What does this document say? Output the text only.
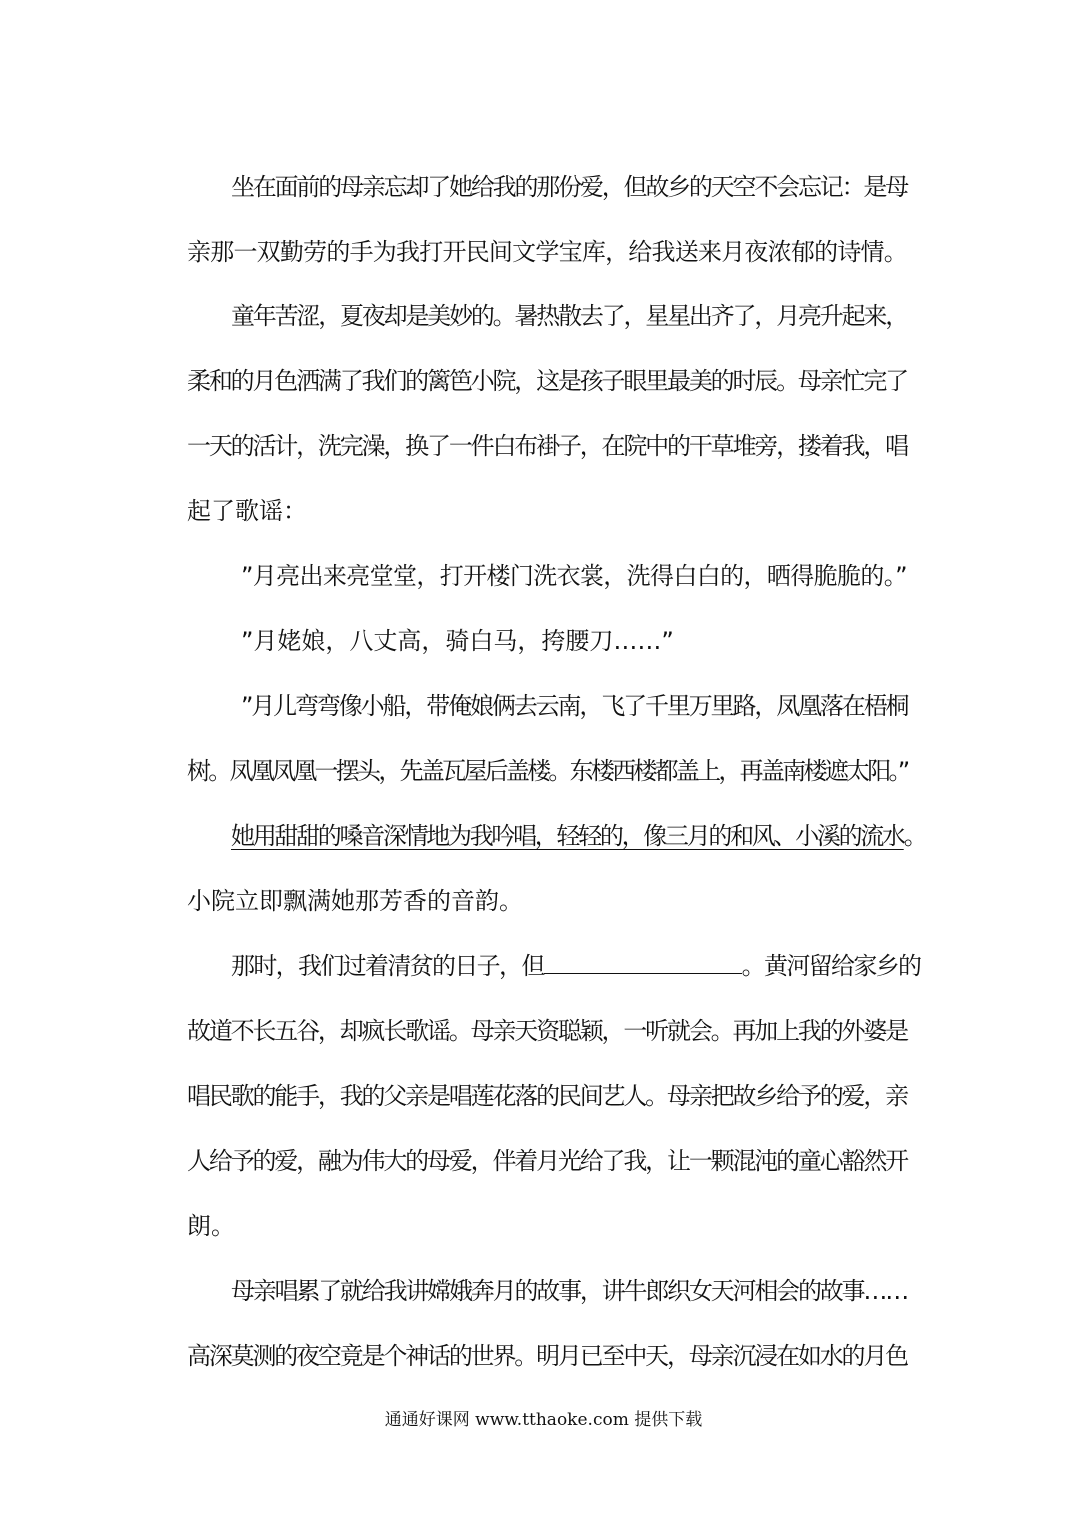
坐在面前的母亲忘却了她给我的那份爱，但故乡的天空不会忘记：是母
亲那一双勤劳的手为我打开民间文学宝库，给我送来月夜浓郁的诗情。
童年苦涩，夏夜却是美妙的。暑热散去了，星星出齐了，月亮升起来，
柔和的月色洒满了我们的篱笆小院，这是孩子眼里最美的时辰。母亲忙完了
一天的活计，洗完澡，换了一件白布褂子，在院中的干草堆旁，搂着我，唱
起了歌谣：
”月亮出来亮堂堂，打开楼门洗衣裳，洗得白白的，晒得脆脆的。”
”月姥娘，八丈高，骑白马，挎腰刀……”
”月儿弯弯像小船，带俺娘俩去云南，飞了千里万里路，凤凰落在梧桐
树。凤凰凤凰一摆头，先盖瓦屋后盖楼。东楼西楼都盖上，再盖南楼遮太阳。”
她用甜甜的嗓音深情地为我吟唱，轻轻的，像三月的和风、小溪的流水。
小院立即飘满她那芳香的音韵。
那时，我们过着清贫的日子，但	。黄河留给家乡的
故道不长五谷，却疯长歌谣。母亲天资聪颖，一听就会。再加上我的外婆是
唱民歌的能手，我的父亲是唱莲花落的民间艺人。母亲把故乡给予的爱，亲
人给予的爱，融为伟大的母爱，伴着月光给了我，让一颗混沌的童心豁然开
朗。
母亲唱累了就给我讲嫦娥奔月的故事，讲牛郎织女天河相会的故事……
高深莫测的夜空竟是个神话的世界。明月已至中天，母亲沉浸在如水的月色
通通好课网 www.tthaoke.com 提供下载
